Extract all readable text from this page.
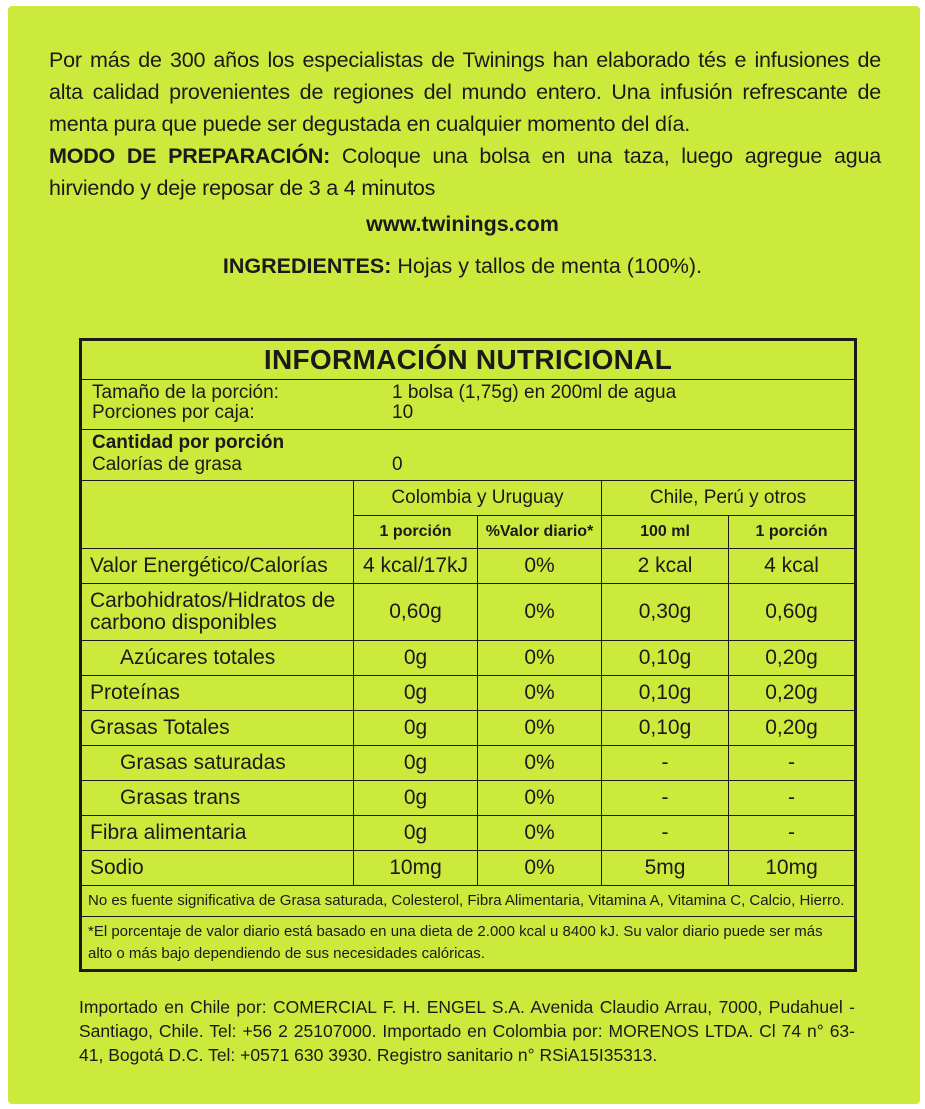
Por más de 300 años los especialistas de Twinings han elaborado tés e infusiones de alta calidad provenientes de regiones del mundo entero. Una infusión refrescante de menta pura que puede ser degustada en cualquier momento del día.
MODO DE PREPARACIÓN: Coloque una bolsa en una taza, luego agregue agua hirviendo y deje reposar de 3 a 4 minutos
www.twinings.com
INGREDIENTES: Hojas y tallos de menta (100%).
INFORMACIÓN NUTRICIONAL				

Tamaño de la porción: 1 bolsa (1,75g) en 200ml de agua
Porciones por caja: 10				

Cantidad por porción
Calorías de grasa 0				

	Colombia y Uruguay		Chile, Perú y otros	
	1 porción	%Valor diario*	100 ml	1 porción
Valor Energético/Calorías	4 kcal/17kJ	0%	2 kcal	4 kcal
Carbohidratos/Hidratos de carbono disponibles	0,60g	0%	0,30g	0,60g
Azúcares totales	0g	0%	0,10g	0,20g
Proteínas	0g	0%	0,10g	0,20g
Grasas Totales	0g	0%	0,10g	0,20g
Grasas saturadas	0g	0%	-	-
Grasas trans	0g	0%	-	-
Fibra alimentaria	0g	0%	-	-
Sodio	10mg	0%	5mg	10mg
No es fuente significativa de Grasa saturada, Colesterol, Fibra Alimentaria, Vitamina A, Vitamina C, Calcio, Hierro.				
*El porcentaje de valor diario está basado en una dieta de 2.000 kcal u 8400 kJ. Su valor diario puede ser más alto o más bajo dependiendo de sus necesidades calóricas.				
Importado en Chile por: COMERCIAL F. H. ENGEL S.A. Avenida Claudio Arrau, 7000, Pudahuel - Santiago, Chile. Tel: +56 2 25107000. Importado en Colombia por: MORENOS LTDA. Cl 74 n° 63-41, Bogotá D.C. Tel: +0571 630 3930. Registro sanitario n° RSiA15I35313.
